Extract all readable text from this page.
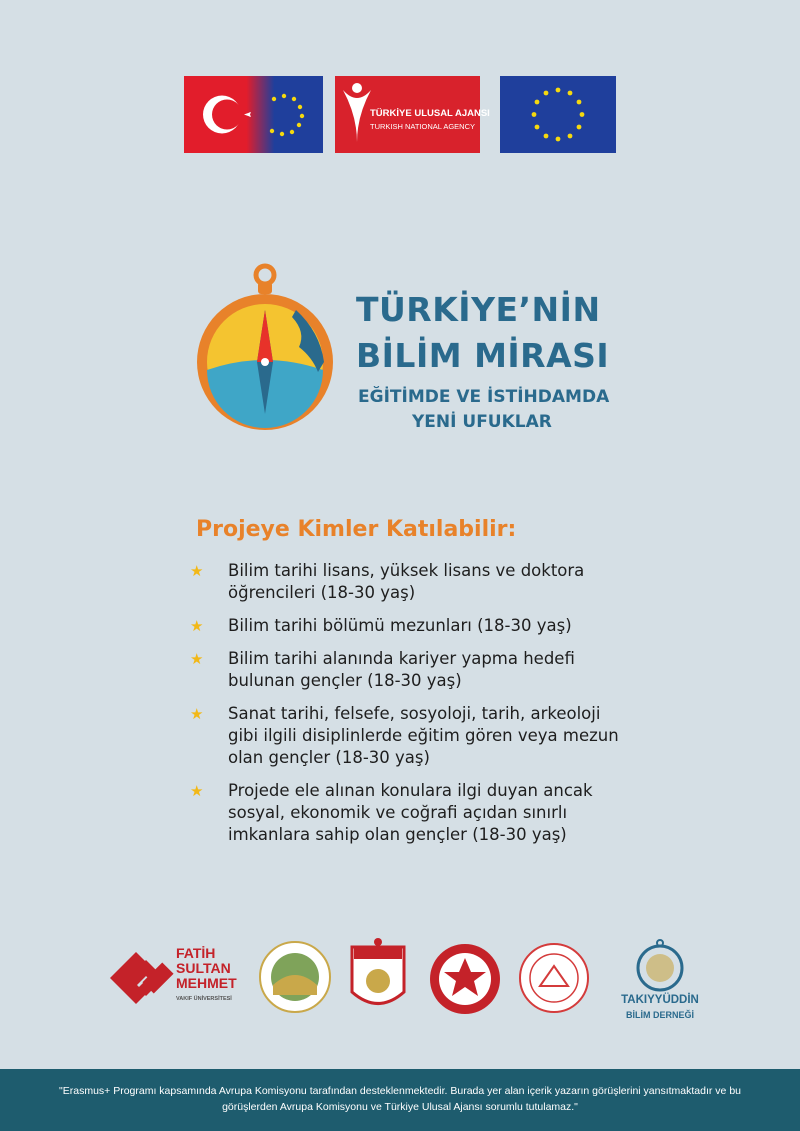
TÜRKİYE ULUSAL AJANSI
TURKISH NATIONAL AGENCY
TÜRKİYE’NİN
BİLİM MİRASI
EĞİTİMDE VE İSTİHDAMDA
YENİ UFUKLAR
Projeye Kimler Katılabilir:
★ Bilim tarihi lisans, yüksek lisans ve doktora öğrencileri (18-30 yaş)
★ Bilim tarihi bölümü mezunları (18-30 yaş)
★ Bilim tarihi alanında kariyer yapma hedefi bulunan gençler (18-30 yaş)
★ Sanat tarihi, felsefe, sosyoloji, tarih, arkeoloji gibi ilgili disiplinlerde eğitim gören veya mezun olan gençler (18-30 yaş)
★ Projede ele alınan konulara ilgi duyan ancak sosyal, ekonomik ve coğrafi açıdan sınırlı imkanlara sahip olan gençler (18-30 yaş)
FATİH SULTAN MEHMET
VAKIF ÜNİVERSİTESİ	TAKIYYÜDDİN
BİLİM DERNEĞİ
"Erasmus+ Programı kapsamında Avrupa Komisyonu tarafından desteklenmektedir. Burada yer alan içerik yazarın görüşlerini yansıtmaktadır ve bu görüşlerden Avrupa Komisyonu ve Türkiye Ulusal Ajansı sorumlu tutulamaz."
